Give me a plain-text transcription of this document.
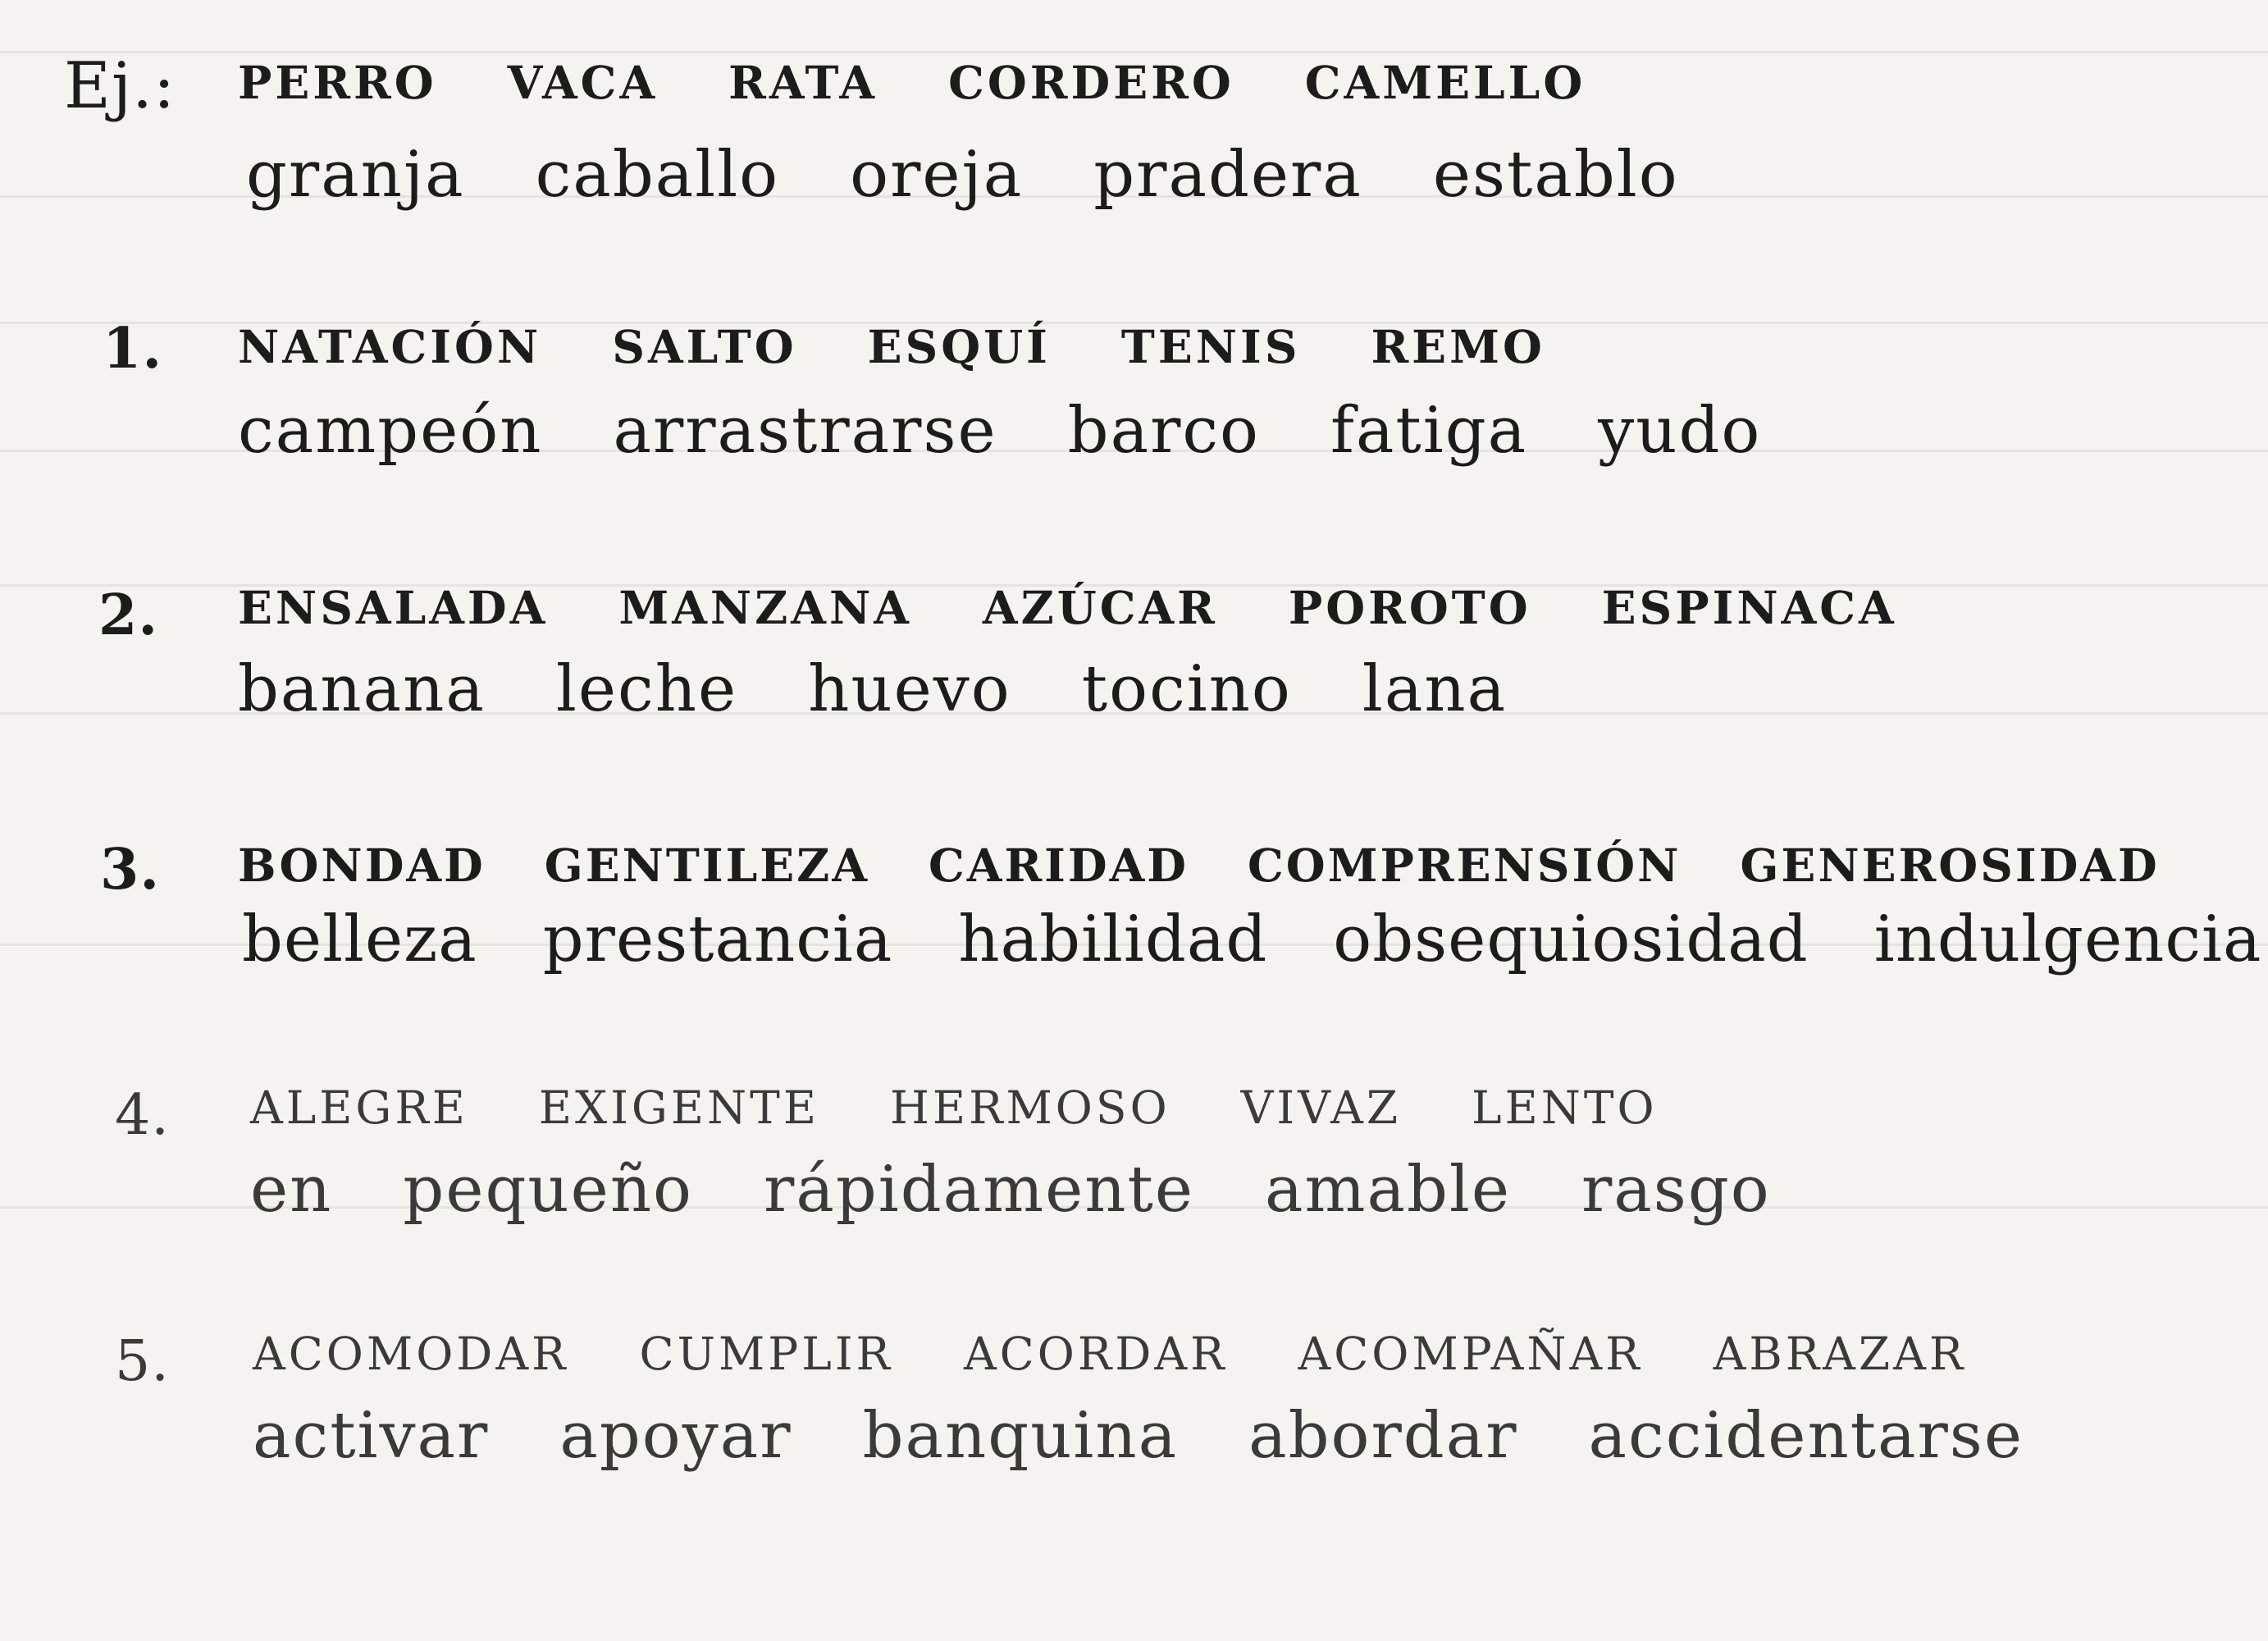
Ej.: PERRO VACA RATA CORDERO CAMELLO
granja caballo oreja pradera establo
1. NATACIÓN SALTO ESQUÍ TENIS REMO
campeón arrastrarse barco fatiga yudo
2. ENSALADA MANZANA AZÚCAR POROTO ESPINACA
banana leche huevo tocino lana
3. BONDAD GENTILEZA CARIDAD COMPRENSIÓN GENEROSIDAD
belleza prestancia habilidad obsequiosidad indulgencia
4. ALEGRE EXIGENTE HERMOSO VIVAZ LENTO
en pequeño rápidamente amable rasgo
5. ACOMODAR CUMPLIR ACORDAR ACOMPAÑAR ABRAZAR
activar apoyar banquina abordar accidentarse
